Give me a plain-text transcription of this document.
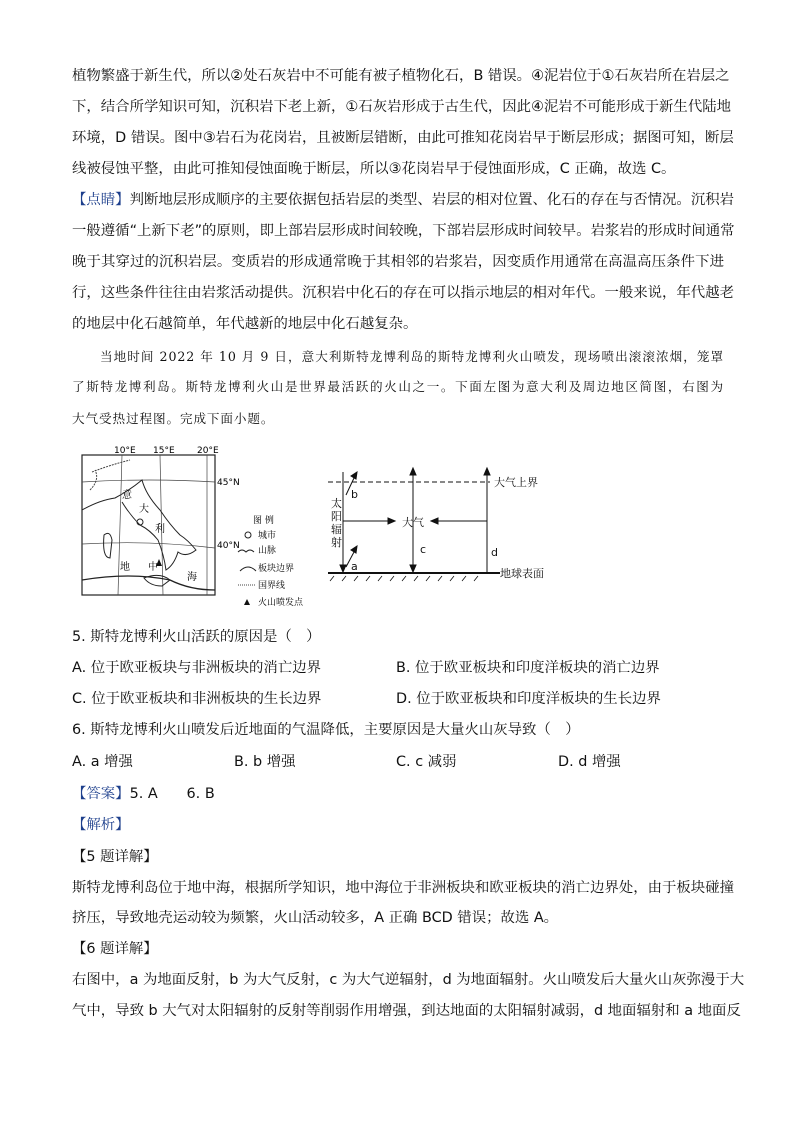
植物繁盛于新生代，所以②处石灰岩中不可能有被子植物化石，B 错误。④泥岩位于①石灰岩所在岩层之
下，结合所学知识可知，沉积岩下老上新，①石灰岩形成于古生代，因此④泥岩不可能形成于新生代陆地
环境，D 错误。图中③岩石为花岗岩，且被断层错断，由此可推知花岗岩早于断层形成；据图可知，断层
线被侵蚀平整，由此可推知侵蚀面晚于断层，所以③花岗岩早于侵蚀面形成，C 正确，故选 C。
【点睛】判断地层形成顺序的主要依据包括岩层的类型、岩层的相对位置、化石的存在与否情况。沉积岩
一般遵循“上新下老”的原则，即上部岩层形成时间较晚，下部岩层形成时间较早。岩浆岩的形成时间通常
晚于其穿过的沉积岩层。变质岩的形成通常晚于其相邻的岩浆岩，因变质作用通常在高温高压条件下进
行，这些条件往往由岩浆活动提供。沉积岩中化石的存在可以指示地层的相对年代。一般来说，年代越老
的地层中化石越简单，年代越新的地层中化石越复杂。
当地时间 2022 年 10 月 9 日，意大利斯特龙博利岛的斯特龙博利火山喷发，现场喷出滚滚浓烟，笼罩
了斯特龙博利岛。斯特龙博利火山是世界最活跃的火山之一。下面左图为意大利及周边地区简图，右图为
大气受热过程图。完成下面小题。
10°E 15°E 20°E
45°N
40°N
意
大
利
地 中
海
图 例
城市
山脉
板块边界
国界线
火山喷发点
大气上界
地球表面
太
阳
辐
射
大气
a
b
c	d
5. 斯特龙博利火山活跃的原因是（　）
A. 位于欧亚板块与非洲板块的消亡边界	B. 位于欧亚板块和印度洋板块的消亡边界
C. 位于欧亚板块和非洲板块的生长边界	D. 位于欧亚板块和印度洋板块的生长边界
6. 斯特龙博利火山喷发后近地面的气温降低，主要原因是大量火山灰导致（　）
A. a 增强	B. b 增强	C. c 减弱	D. d 增强
【答案】5. A　　6. B
【解析】
【5 题详解】
斯特龙博利岛位于地中海，根据所学知识，地中海位于非洲板块和欧亚板块的消亡边界处，由于板块碰撞
挤压，导致地壳运动较为频繁，火山活动较多，A 正确 BCD 错误；故选 A。
【6 题详解】
右图中，a 为地面反射，b 为大气反射，c 为大气逆辐射，d 为地面辐射。火山喷发后大量火山灰弥漫于大
气中，导致 b 大气对太阳辐射的反射等削弱作用增强，到达地面的太阳辐射减弱，d 地面辐射和 a 地面反
